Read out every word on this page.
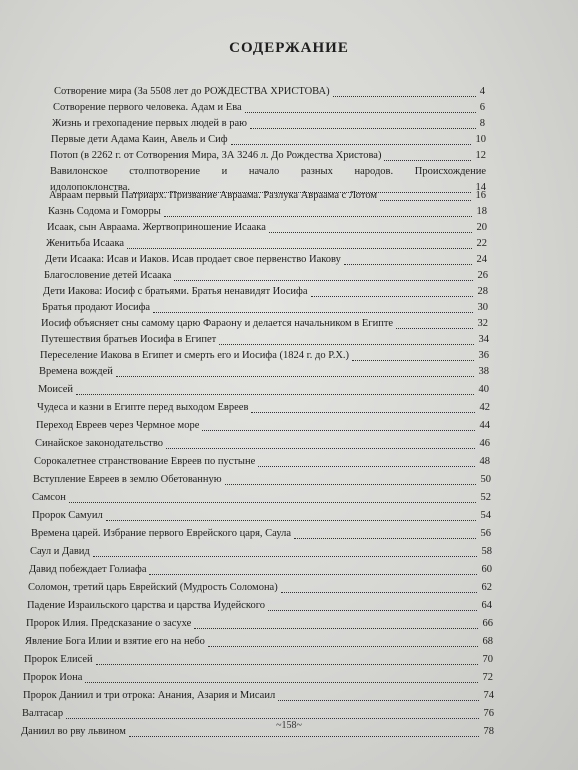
СОДЕРЖАНИЕ
Сотворение мира (За 5508 лет до РОЖДЕСТВА ХРИСТОВА)	4
Сотворение первого человека. Адам и Ева	6
Жизнь и грехопадение первых людей в раю	8
Первые дети Адама Каин, Авель и Сиф	10
Потоп (в 2262 г. от Сотворения Мира, ЗА 3246 л. До Рождества Христова)	12
Вавилонское столпотворение и начало разных народов. Происхождение
идолопоклонства.	14
Авраам первый Патриарх. Призвание Авраама. Разлука Авраама с Лотом	16
Казнь Содома и Гоморры	18
Исаак, сын Авраама. Жертвоприношение Исаака	20
Женитьба Исаака	22
Дети Исаака: Исав и Иаков. Исав продает свое первенство Иакову	24
Благословение детей Исаака	26
Дети Иакова: Иосиф с братьями. Братья ненавидят Иосифа	28
Братья продают Иосифа	30
Иосиф объясняет сны самому царю Фараону и делается начальником в Египте	32
Путешествия братьев Иосифа в Египет	34
Переселение Иакова в Египет и смерть его и Иосифа (1824 г. до Р.Х.)	36
Времена вождей	38
Моисей	40
Чудеса и казни в Египте перед выходом Евреев	42
Переход Евреев через Чермное море	44
Синайское законодательство	46
Сорокалетнее странствование Евреев по пустыне	48
Вступление Евреев в землю Обетованную	50
Самсон	52
Пророк Самуил	54
Времена царей. Избрание первого Еврейского царя, Саула	56
Саул и Давид	58
Давид побеждает Голиафа	60
Соломон, третий царь Еврейский (Мудрость Соломона)	62
Падение Израильского царства и царства Иудейского	64
Пророк Илия. Предсказание о засухе	66
Явление Бога Илии и взятие его на небо	68
Пророк Елисей	70
Пророк Иона	72
Пророк Даниил и три отрока: Анания, Азария и Мисаил	74
Валтасар	76
Даниил во рву львином	78
~158~
